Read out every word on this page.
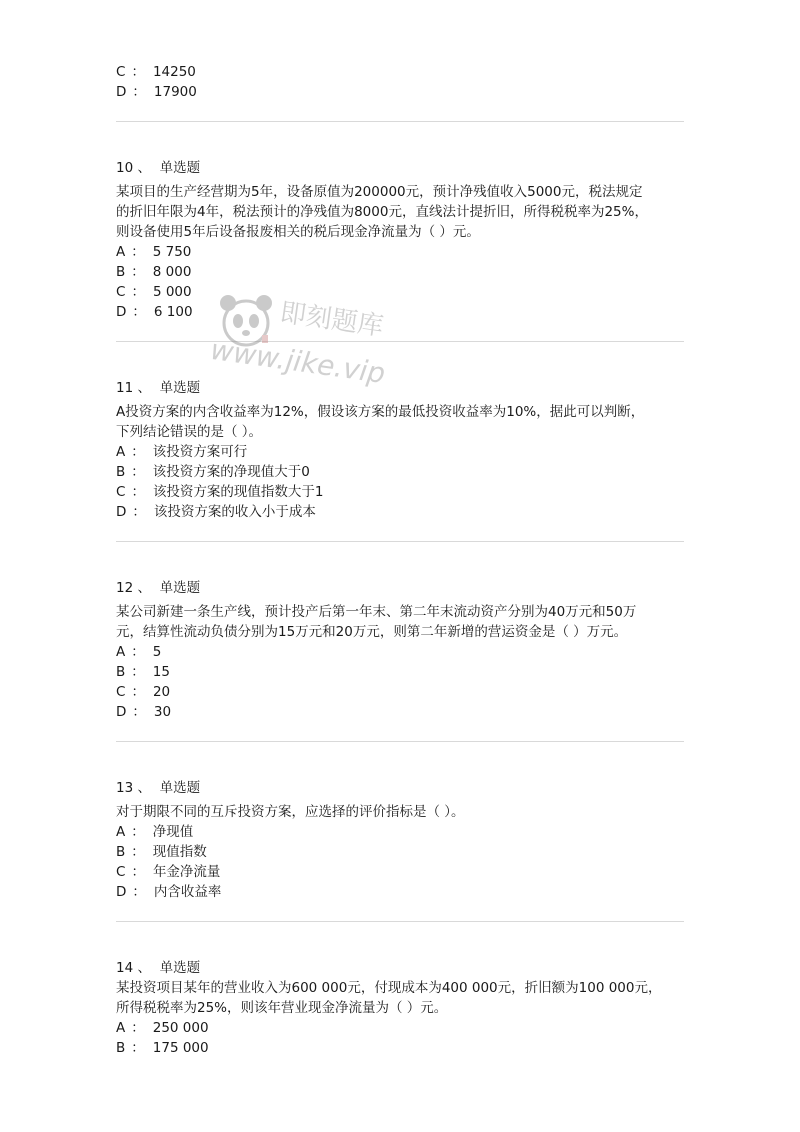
C ： 14250
D ： 17900
10 、 单选题
某项目的生产经营期为5年，设备原值为200000元，预计净残值收入5000元，税法规定
的折旧年限为4年，税法预计的净残值为8000元，直线法计提折旧，所得税税率为25%，
则设备使用5年后设备报废相关的税后现金净流量为（ ）元。
A ： 5 750
B ： 8 000
C ： 5 000
D ： 6 100
11 、 单选题
A投资方案的内含收益率为12%，假设该方案的最低投资收益率为10%，据此可以判断，
下列结论错误的是（ ）。
A ： 该投资方案可行
B ： 该投资方案的净现值大于0
C ： 该投资方案的现值指数大于1
D ： 该投资方案的收入小于成本
12 、 单选题
某公司新建一条生产线，预计投产后第一年末、第二年末流动资产分别为40万元和50万
元，结算性流动负债分别为15万元和20万元，则第二年新增的营运资金是（ ）万元。
A ： 5
B ： 15
C ： 20
D ： 30
13 、 单选题
对于期限不同的互斥投资方案，应选择的评价指标是（ ）。
A ： 净现值
B ： 现值指数
C ： 年金净流量
D ： 内含收益率
14 、 单选题
某投资项目某年的营业收入为600 000元，付现成本为400 000元，折旧额为100 000元，
所得税税率为25%，则该年营业现金净流量为（ ）元。
A ： 250 000
B ： 175 000
即刻题库
www.jike.vip
